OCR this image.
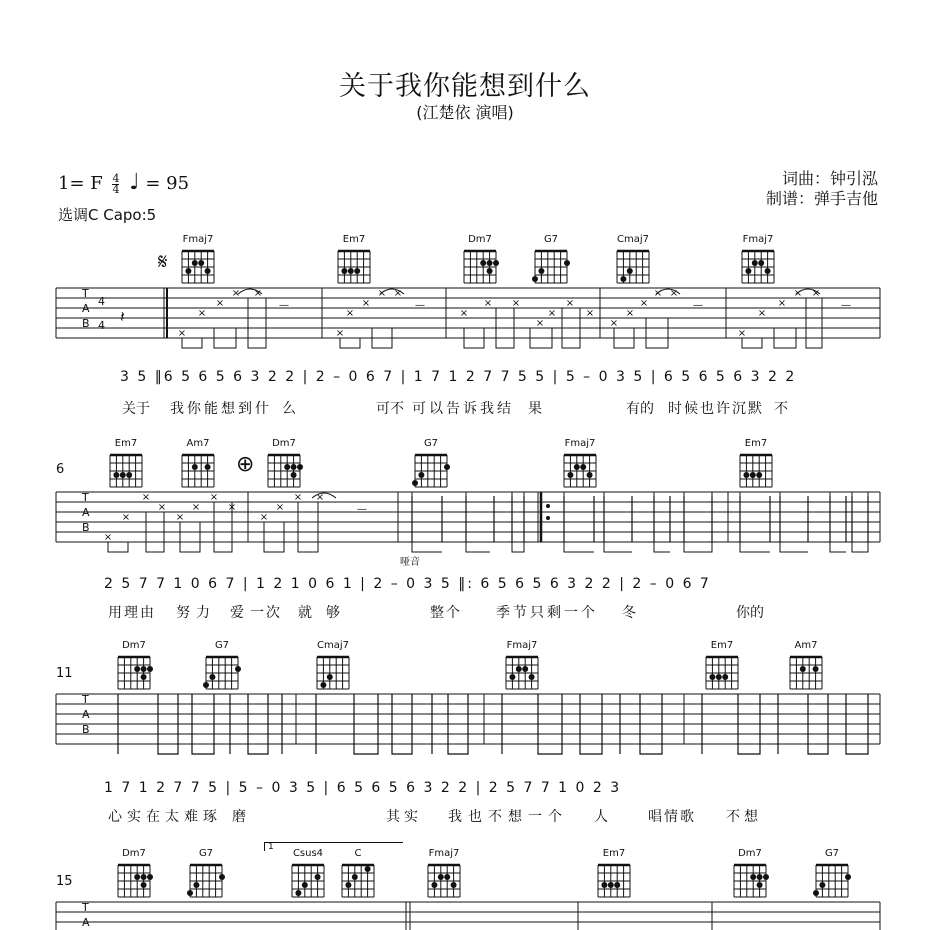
关于我你能想到什么
(江楚依 演唱)
1= F $\frac{4}{4}$ ♩ = 95
选调C Capo:5
词曲：钟引泓
制谱：弹手吉他
Fmaj7	Em7	Dm7	G7	Cmaj7	Fmaj7
𝄋
T
A
B
4
4
×
×
×
× ×
—
×
×
×
× ×
—
×
× ×
×
×
×
×
×
×
×
× ×
—
×
×
×
× ×
—
𝄽
3 5 ‖6 5 6 5 6 3 2 2 | 2 – 0 6 7 | 1 7 1 2 7 7 5 5 | 5 – 0 3 5 | 6 5 6 5 6 3 2 2
关于 我你能想到什 么	可不 可以告诉我结 果	有的 时候也许沉默 不
6
Em7	Am7	Dm7
⊕
G7	Fmaj7	Em7
T
A
B
×
×
×
×
×
×
×
×
×
×
× ×
—
哑音
2 5 7 7 1 0 6 7 | 1 2 1 0 6 1 | 2 – 0 3 5 ‖: 6 5 6 5 6 3 2 2 | 2 – 0 6 7
用理由 努力 爱 一次 就 够	整个 季节只剩一个 冬	你的
11
Dm7	G7	Cmaj7	Fmaj7	Em7	Am7
T
A
B
1 7 1 2 7 7 5 | 5 – 0 3 5 | 6 5 6 5 6 3 2 2 | 2 5 7 7 1 0 2 3
心实在太难琢 磨	其实 我也不想一个 人	唱情歌 不想
15
1
Dm7	G7	Csus4	C	Fmaj7	Em7	Dm7	G7
T
A
